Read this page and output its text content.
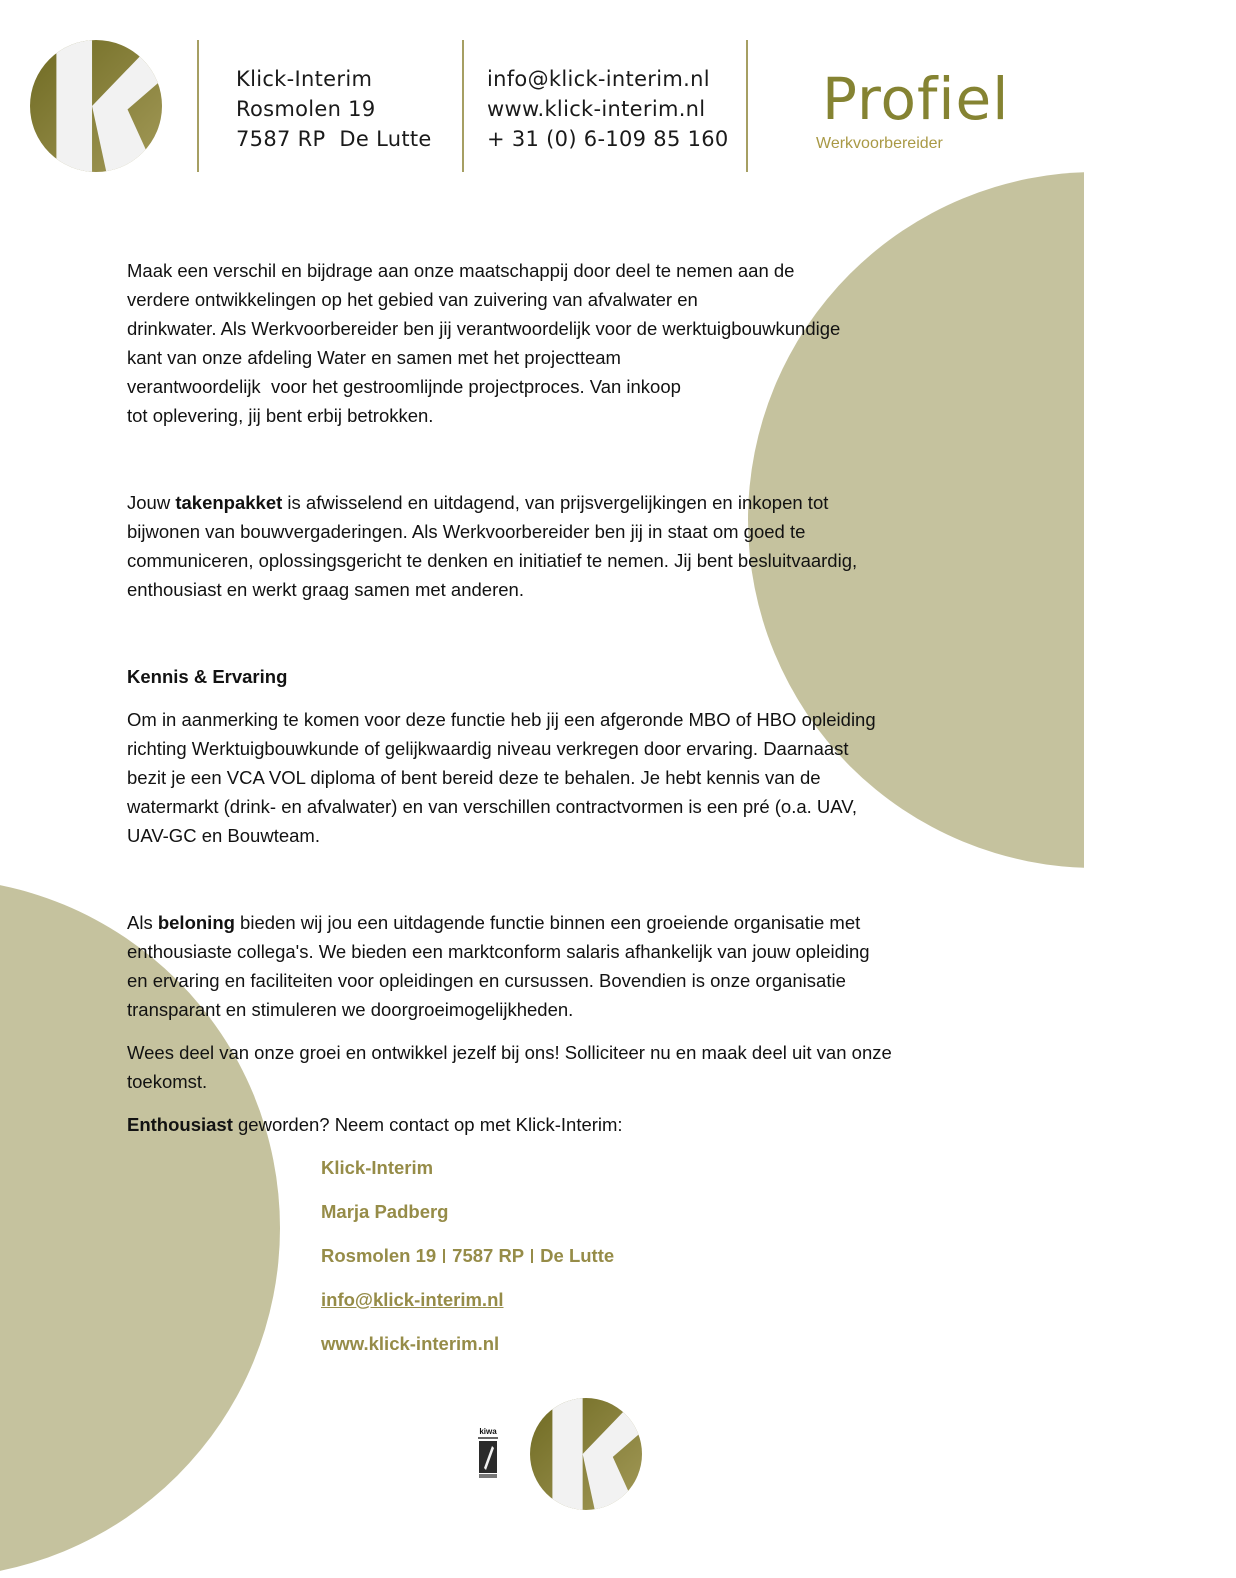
Klick-Interim
Rosmolen 19
7587 RP  De Lutte
info@klick-interim.nl
www.klick-interim.nl
+ 31 (0) 6-109 85 160
Profiel
Werkvoorbereider
Maak een verschil en bijdrage aan onze maatschappij door deel te nemen aan de
verdere ontwikkelingen op het gebied van zuivering van afvalwater en
drinkwater. Als Werkvoorbereider ben jij verantwoordelijk voor de werktuigbouwkundige
kant van onze afdeling Water en samen met het projectteam
verantwoordelijk  voor het gestroomlijnde projectproces. Van inkoop
tot oplevering, jij bent erbij betrokken.
Jouw takenpakket is afwisselend en uitdagend, van prijsvergelijkingen en inkopen tot
bijwonen van bouwvergaderingen. Als Werkvoorbereider ben jij in staat om goed te
communiceren, oplossingsgericht te denken en initiatief te nemen. Jij bent besluitvaardig,
enthousiast en werkt graag samen met anderen.
Kennis & Ervaring
Om in aanmerking te komen voor deze functie heb jij een afgeronde MBO of HBO opleiding
richting Werktuigbouwkunde of gelijkwaardig niveau verkregen door ervaring. Daarnaast
bezit je een VCA VOL diploma of bent bereid deze te behalen. Je hebt kennis van de
watermarkt (drink- en afvalwater) en van verschillen contractvormen is een pré (o.a. UAV,
UAV-GC en Bouwteam.
Als beloning bieden wij jou een uitdagende functie binnen een groeiende organisatie met
enthousiaste collega's. We bieden een marktconform salaris afhankelijk van jouw opleiding
en ervaring en faciliteiten voor opleidingen en cursussen. Bovendien is onze organisatie
transparant en stimuleren we doorgroeimogelijkheden.
Wees deel van onze groei en ontwikkel jezelf bij ons! Solliciteer nu en maak deel uit van onze
toekomst.
Enthousiast geworden? Neem contact op met Klick-Interim:
Klick-Interim
Marja Padberg
Rosmolen 19 7587 RP De Lutte
info@klick-interim.nl
www.klick-interim.nl
kiwa
